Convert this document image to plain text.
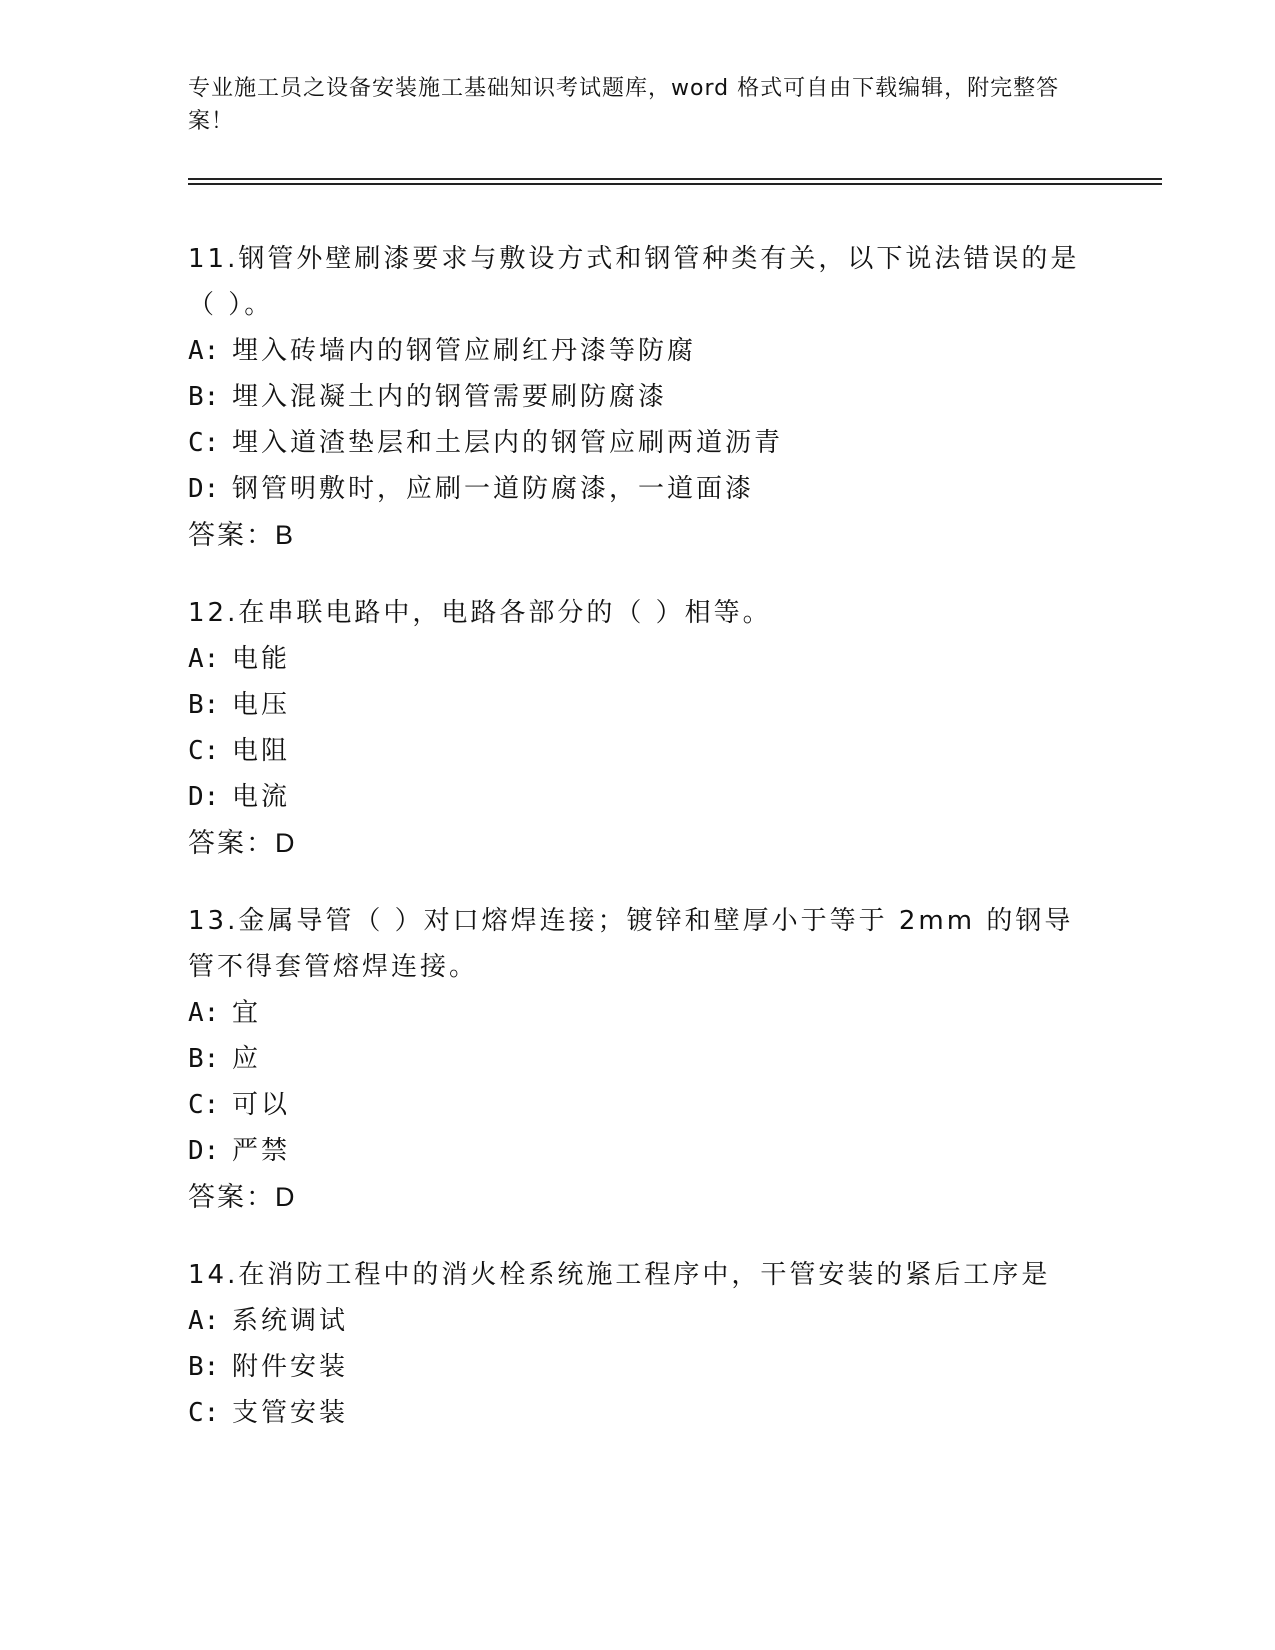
专业施工员之设备安装施工基础知识考试题库，word 格式可自由下载编辑，附完整答案！
11.钢管外壁刷漆要求与敷设方式和钢管种类有关，以下说法错误的是（ ）。
A: 埋入砖墙内的钢管应刷红丹漆等防腐
B: 埋入混凝土内的钢管需要刷防腐漆
C: 埋入道渣垫层和土层内的钢管应刷两道沥青
D: 钢管明敷时，应刷一道防腐漆，一道面漆
答案：B
12.在串联电路中，电路各部分的（ ）相等。
A: 电能
B: 电压
C: 电阻
D: 电流
答案：D
13.金属导管（ ）对口熔焊连接；镀锌和壁厚小于等于 2mm 的钢导管不得套管熔焊连接。
A: 宜
B: 应
C: 可以
D: 严禁
答案：D
14.在消防工程中的消火栓系统施工程序中，干管安装的紧后工序是
A: 系统调试
B: 附件安装
C: 支管安装
